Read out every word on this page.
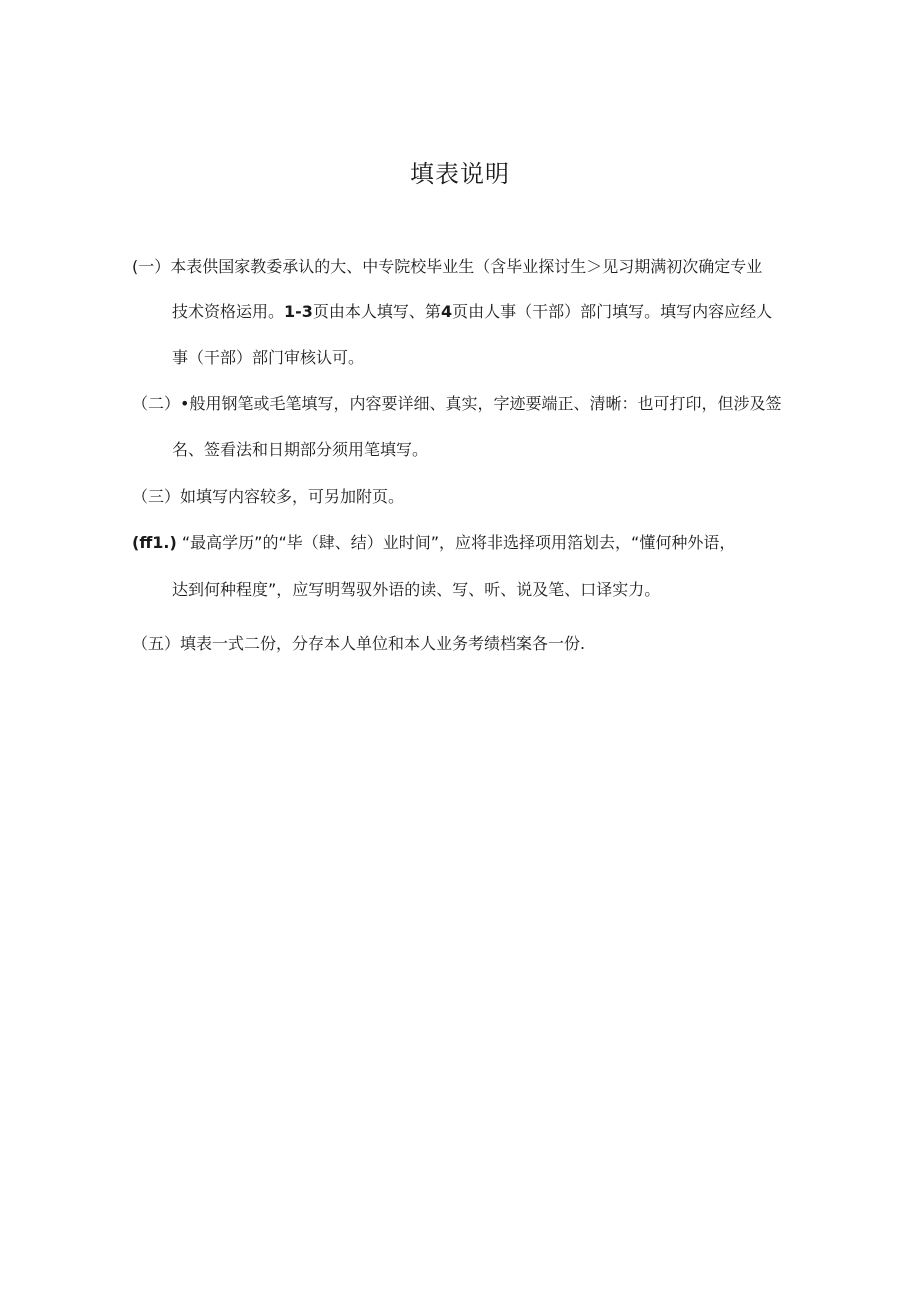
填表说明
(一）本表供国家教委承认的大、中专院校毕业生（含毕业探讨生＞见习期满初次确定专业
技术资格运用。1-3页由本人填写、第4页由人事（干部）部门填写。填写内容应经人
事（干部）部门审核认可。
（二）•般用钢笔或毛笔填写，内容要详细、真实，字迹要端正、清晰：也可打印，但涉及签
名、签看法和日期部分须用笔填写。
（三）如填写内容较多，可另加附页。
(ff1.) “最高学历”的“毕（肆、结）业时间”，应将非选择项用箔划去，“懂何种外语，
达到何种程度”，应写明驾驭外语的读、写、听、说及笔、口译实力。
（五）填表一式二份，分存本人单位和本人业务考绩档案各一份.
